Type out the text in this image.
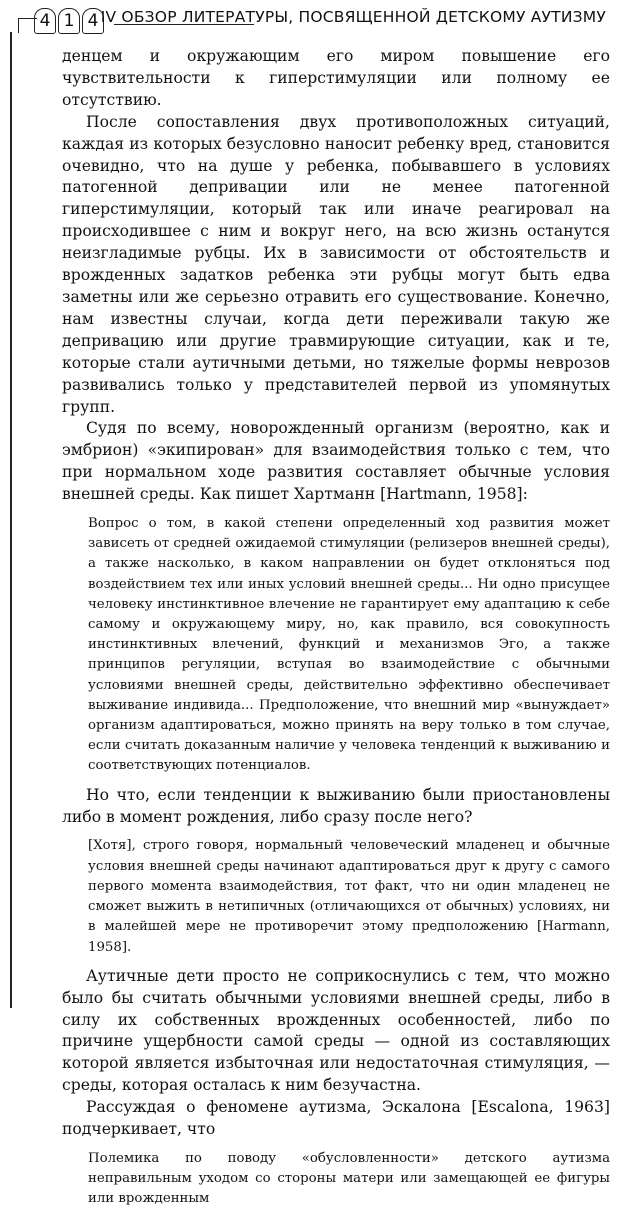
4 1 4 IV ОБЗОР ЛИТЕРАТУРЫ, ПОСВЯЩЕННОЙ ДЕТСКОМУ АУТИЗМУ

денцем и окружающим его миром повышение его чувствительности к гиперстимуляции или полному ее отсутствию.

После сопоставления двух противоположных ситуаций, каждая из которых безусловно наносит ребенку вред, становится очевидно, что на душе у ребенка, побывавшего в условиях патогенной депривации или не менее патогенной гиперстимуляции, который так или иначе реагировал на происходившее с ним и вокруг него, на всю жизнь останутся неизгладимые рубцы. Их в зависимости от обстоятельств и врожденных задатков ребенка эти рубцы могут быть едва заметны или же серьезно отравить его существование. Конечно, нам известны случаи, когда дети переживали такую же депривацию или другие травмирующие ситуации, как и те, которые стали аутичными детьми, но тяжелые формы неврозов развивались только у представителей первой из упомянутых групп.

Судя по всему, новорожденный организм (вероятно, как и эмбрион) «экипирован» для взаимодействия только с тем, что при нормальном ходе развития составляет обычные условия внешней среды. Как пишет Хартманн [Hartmann, 1958]:

Вопрос о том, в какой степени определенный ход развития может зависеть от средней ожидаемой стимуляции (релизеров внешней среды), а также насколько, в каком направлении он будет отклоняться под воздействием тех или иных условий внешней среды... Ни одно присущее человеку инстинктивное влечение не гарантирует ему адаптацию к себе самому и окружающему миру, но, как правило, вся совокупность инстинктивных влечений, функций и механизмов Эго, а также принципов регуляции, вступая во взаимодействие с обычными условиями внешней среды, действительно эффективно обеспечивает выживание индивида... Предположение, что внешний мир «вынуждает» организм адаптироваться, можно принять на веру только в том случае, если считать доказанным наличие у человека тенденций к выживанию и соответствующих потенциалов.

Но что, если тенденции к выживанию были приостановлены либо в момент рождения, либо сразу после него?

[Хотя], строго говоря, нормальный человеческий младенец и обычные условия внешней среды начинают адаптироваться друг к другу с самого первого момента взаимодействия, тот факт, что ни один младенец не сможет выжить в нетипичных (отличающихся от обычных) условиях, ни в малейшей мере не противоречит этому предположению [Harmann, 1958].

Аутичные дети просто не соприкоснулись с тем, что можно было бы считать обычными условиями внешней среды, либо в силу их собственных врожденных особенностей, либо по причине ущербности самой среды — одной из составляющих которой является избыточная или недостаточная стимуляция, — среды, которая осталась к ним безучастна.

Рассуждая о феномене аутизма, Эскалона [Escalona, 1963] подчеркивает, что

Полемика по поводу «обусловленности» детского аутизма неправильным уходом со стороны матери или замещающей ее фигуры или врожденным
